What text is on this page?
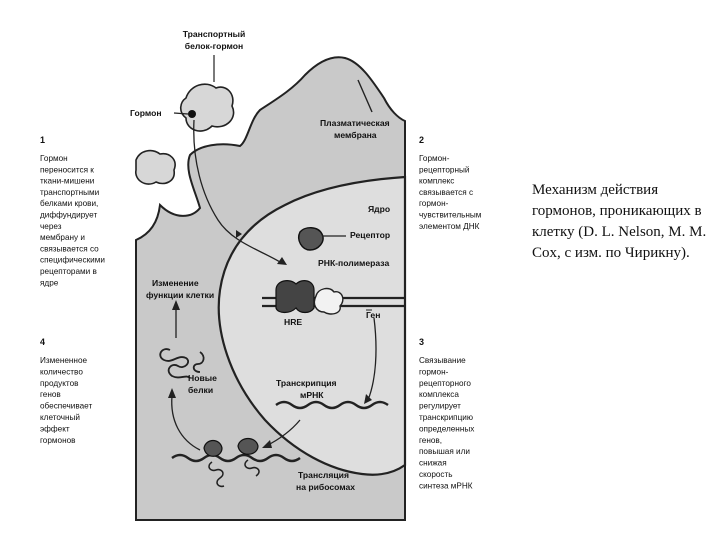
Транспортный
белок-гормон
Гормон
Плазматическая
мембрана
Ядро
Рецептор
РНК-полимераза
HRE
Ген
Изменение
функции клетки
Новые
белки
Транскрипция
мРНК
Трансляция
на рибосомах
1
Гормон
переносится к
ткани-мишени
транспортными
белками крови,
диффундирует
через
мембрану и
связывается со
специфическими
рецепторами в
ядре
2
Гормон-
рецепторный
комплекс
связывается с
гормон-
чувствительным
элементом ДНК
3
Связывание
гормон-
рецепторного
комплекса
регулирует
транскрипцию
определенных
генов,
повышая или
снижая
скорость
синтеза мРНК
4
Измененное
количество
продуктов
генов
обеспечивает
клеточный
эффект
гормонов
Механизм действия гормонов, проникающих в клетку (D. L. Nelson, M. M. Cox, с изм. по Чирикну).
